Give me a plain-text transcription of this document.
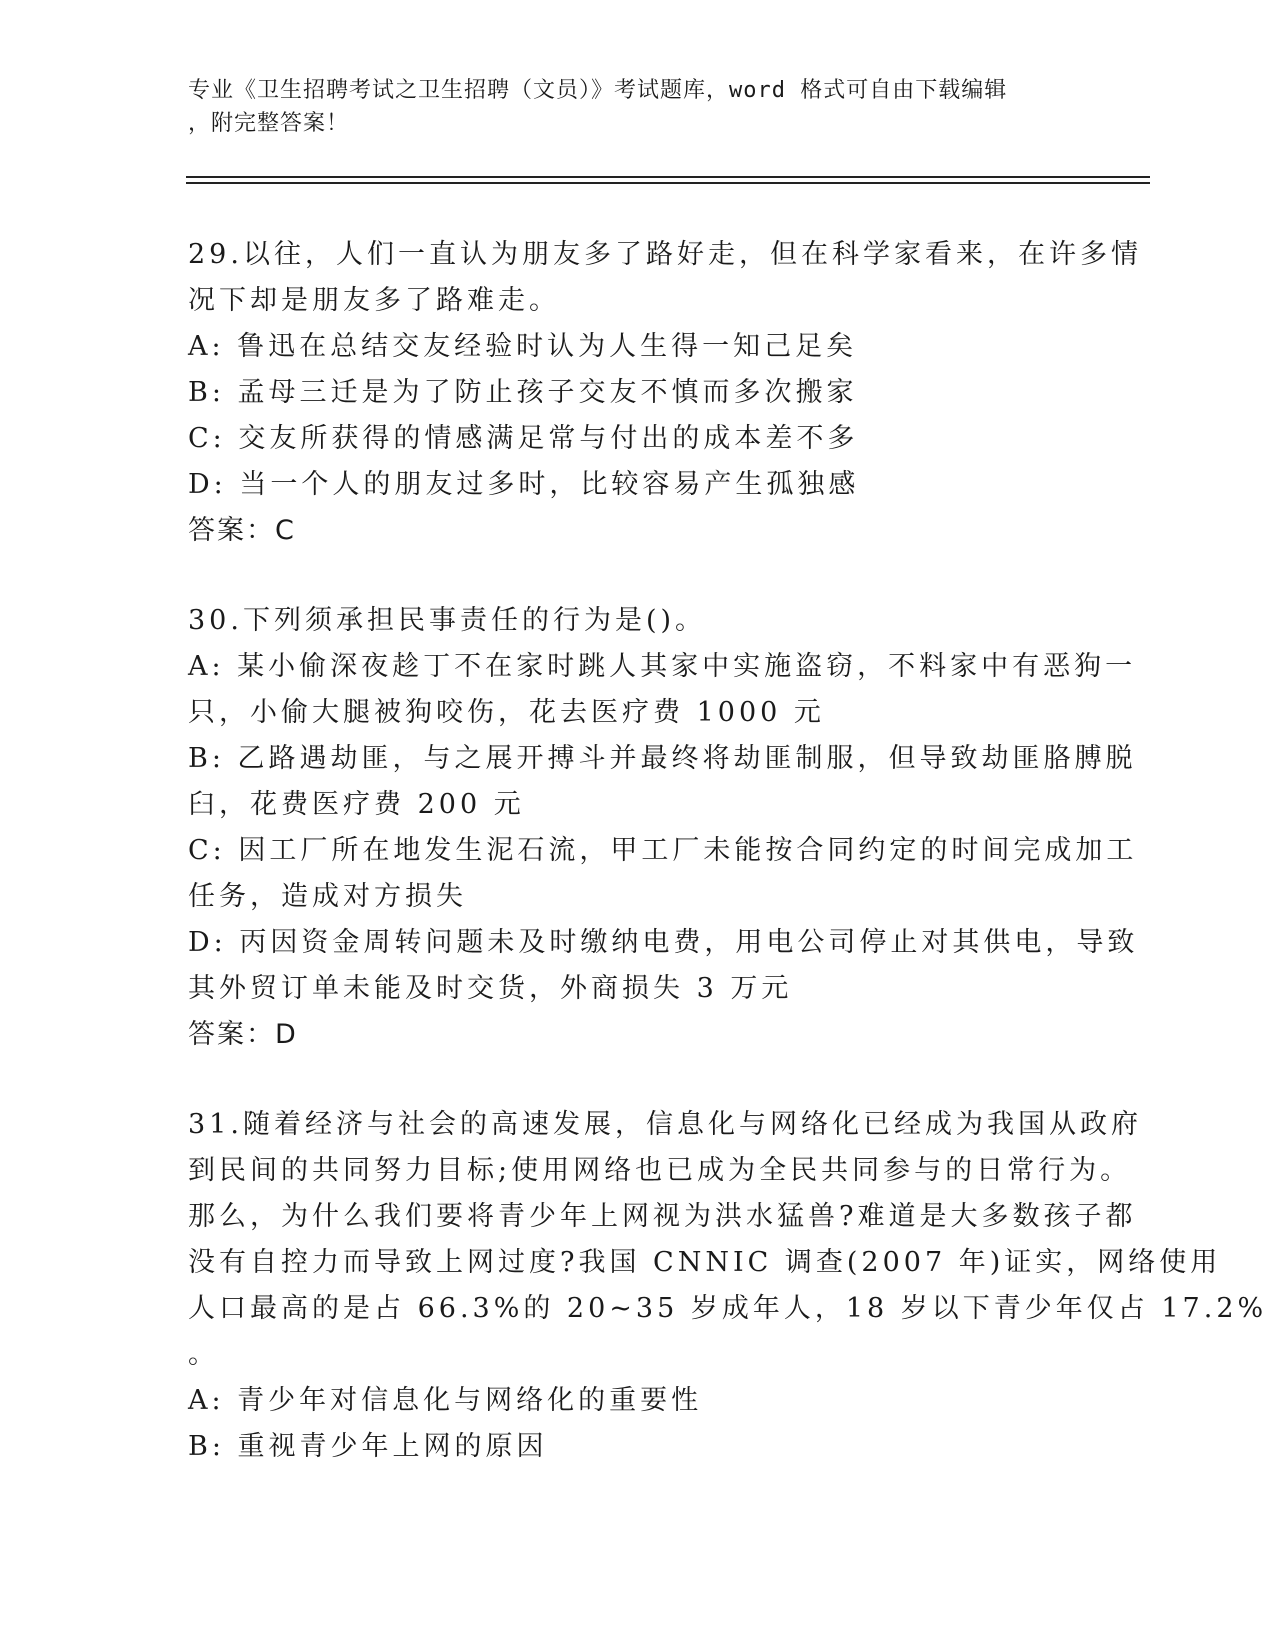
专业《卫生招聘考试之卫生招聘（文员）》考试题库，word 格式可自由下载编辑
，附完整答案！
29.以往，人们一直认为朋友多了路好走，但在科学家看来，在许多情
况下却是朋友多了路难走。
A: 鲁迅在总结交友经验时认为人生得一知己足矣
B: 孟母三迁是为了防止孩子交友不慎而多次搬家
C: 交友所获得的情感满足常与付出的成本差不多
D: 当一个人的朋友过多时，比较容易产生孤独感
答案：C
30.下列须承担民事责任的行为是()。
A: 某小偷深夜趁丁不在家时跳人其家中实施盗窃，不料家中有恶狗一
只，小偷大腿被狗咬伤，花去医疗费 1000 元
B: 乙路遇劫匪，与之展开搏斗并最终将劫匪制服，但导致劫匪胳膊脱
臼，花费医疗费 200 元
C: 因工厂所在地发生泥石流，甲工厂未能按合同约定的时间完成加工
任务，造成对方损失
D: 丙因资金周转问题未及时缴纳电费，用电公司停止对其供电，导致
其外贸订单未能及时交货，外商损失 3 万元
答案：D
31.随着经济与社会的高速发展，信息化与网络化已经成为我国从政府
到民间的共同努力目标;使用网络也已成为全民共同参与的日常行为。
那么，为什么我们要将青少年上网视为洪水猛兽?难道是大多数孩子都
没有自控力而导致上网过度?我国 CNNIC 调查(2007 年)证实，网络使用
人口最高的是占 66.3%的 20~35 岁成年人，18 岁以下青少年仅占 17.2%
。
A: 青少年对信息化与网络化的重要性
B: 重视青少年上网的原因
